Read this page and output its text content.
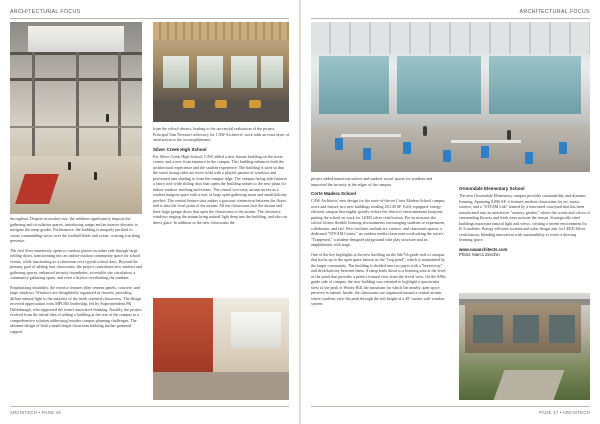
ARCHITECTURAL FOCUS

throughout. Despite its modest size, the addition significantly impacts the gathering and circulation spaces, introducing ramps and an interior elevator to navigate the steep grades. Furthermore, the building is uniquely perched to create commanding views over the football fields and ocean, creating a striking presence.

The first floor seamlessly opens to outdoor plazas on either side through large folding doors, transforming into an indoor-outdoor community space for school events, while functioning as a classroom on a typical school days. Beyond the primary goal of adding four classrooms, the project contributes new outdoor and gathering spaces, enhanced security boundaries, accessible site circulation, a community gathering space, and even a skybox overlooking the stadium.

Emphasizing durability, the exterior features fiber cement panels, concrete, and large windows. Windows are thoughtfully organized in clusters, providing diffuse natural light to the majority of the north oriented classrooms. The design received appreciation from MPUSD leadership, led by Superintendent PK Diffenbaugh, who supported the team's innovative thinking. Notably, the project evolved from the initial idea of adding a building at the rear of the campus to a comprehensive solution addressing broader campus planning challenges. The ultimate design of both a small single classroom building further garnered support

from the school district, leading to the successful realization of the project. Principal Tom Newton's advocacy for CAW Architects' work adds an extra layer of satisfaction to the accomplishment.

Silver Creek High School

For Silver Creek High School, CAW added a new feature building on the street corner, and a new front entrance to the campus. This building enhances both the architectural experience and the student experience. The building is sited so that the street facing sides are more solid with a playful pattern of windows and perforated rain shading to form the campus edge. The campus facing side features a fancy tool-wide sliding door that opens the building atrium to the new plaza for indoor-outdoor teaching and events. The central two-story atrium serves as a student hangout space with a mix of large open gathering areas and small balcony perches. The central feature stair makes a gracious connection between the floors, and is also the focal point of the atrium. All ten classrooms face the atrium and have large garage doors that open the classrooms to the atrium. The clerestory windows ringing the atrium bring natural light deep into the building, and also cut direct glare. In addition to the new classrooms the

ARCHITECH • PAGE 46
ARCHITECTURAL FOCUS

project added numerous indoor and outdoor social spaces for students and improved the security at the edges of the campus.

Corte Madera School

CAW Architects' new design for the state-of-the-art Corte Madera School campus acres and feature two new buildings totaling 28,149 SF. Fully equipped, energy-efficient campus thoroughly greatly reduce the district's environmental footprint, putting the school on track for LEED silver certification. Per its mission, the school fosters flexible learning environments encouraging students to experiment, collaborate, and fail. New facilities include art, science, and classroom spaces, a dedicated "STEAM Center," an outdoor media classroom overlooking the town's "Trappened," a student-designed playground with play structure and an amphitheater with stage.

One of the key highlights is the new building on the 6th/7th grade side of campus that backs up to the open space known as the "frog pond", which is maintained by the larger community. The building is divided into two parts with a "breezeway" and deck/balcony between them. A ramp leads down to a learning area at the level of the pond that provides a perfect framed view from the levels view. On the 6/8th grade side of campus, the new building was oriented to highlight a spectacular view of the peak of Windy Hill, the mountain for which the nearby open space preserve is named. Inside, the classrooms are organized around a central atrium, where students view the peak through the full height of a 28' curtain wall window system.

Ormondale Elementary School

The new Ormondale Elementary campus provides sustainability and dynamic learning. Spanning 8,896 SF, it features modern classrooms for art, music, science, and a "STEAM Lab" framed by a renovated courtyard that has been transformed into an interactive "sensory garden," where the scents and colors of surrounding flowers and fresh trees activate the senses. Strategically sited buildings maximize natural light and views, creating a serene environment for K-3 students. Energy-efficient systems and solar design aim for LEED Silver certification, blending innovation with sustainability to foster a thriving learning space.

www.cawarchitects.com
Photo: Marco Zecchin
PAGE 47 • ARCHITECH
